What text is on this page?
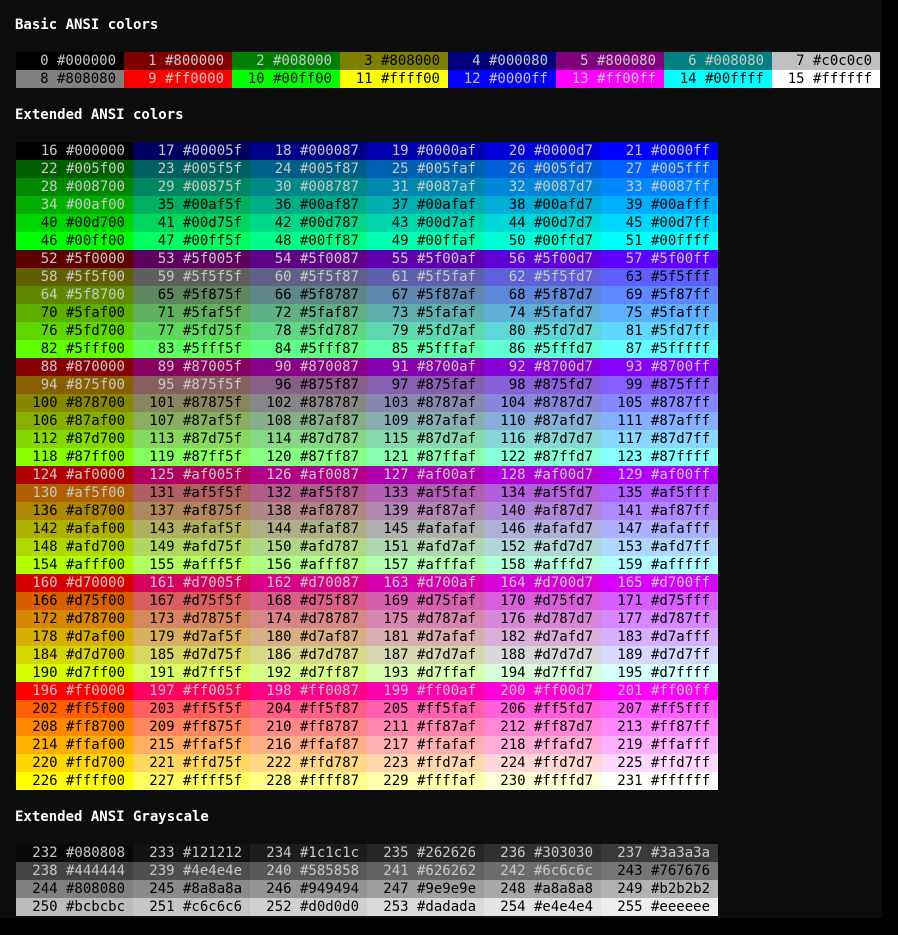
Basic ANSI colors
0 #000000	1 #800000	2 #008000	3 #808000	4 #000080	5 #800080	6 #008080	7 #c0c0c0
8 #808080	9 #ff0000	10 #00ff00	11 #ffff00	12 #0000ff	13 #ff00ff	14 #00ffff	15 #ffffff
Extended ANSI colors
16 #000000	17 #00005f	18 #000087	19 #0000af	20 #0000d7	21 #0000ff
22 #005f00	23 #005f5f	24 #005f87	25 #005faf	26 #005fd7	27 #005fff
28 #008700	29 #00875f	30 #008787	31 #0087af	32 #0087d7	33 #0087ff
34 #00af00	35 #00af5f	36 #00af87	37 #00afaf	38 #00afd7	39 #00afff
40 #00d700	41 #00d75f	42 #00d787	43 #00d7af	44 #00d7d7	45 #00d7ff
46 #00ff00	47 #00ff5f	48 #00ff87	49 #00ffaf	50 #00ffd7	51 #00ffff
52 #5f0000	53 #5f005f	54 #5f0087	55 #5f00af	56 #5f00d7	57 #5f00ff
58 #5f5f00	59 #5f5f5f	60 #5f5f87	61 #5f5faf	62 #5f5fd7	63 #5f5fff
64 #5f8700	65 #5f875f	66 #5f8787	67 #5f87af	68 #5f87d7	69 #5f87ff
70 #5faf00	71 #5faf5f	72 #5faf87	73 #5fafaf	74 #5fafd7	75 #5fafff
76 #5fd700	77 #5fd75f	78 #5fd787	79 #5fd7af	80 #5fd7d7	81 #5fd7ff
82 #5fff00	83 #5fff5f	84 #5fff87	85 #5fffaf	86 #5fffd7	87 #5fffff
88 #870000	89 #87005f	90 #870087	91 #8700af	92 #8700d7	93 #8700ff
94 #875f00	95 #875f5f	96 #875f87	97 #875faf	98 #875fd7	99 #875fff
100 #878700	101 #87875f	102 #878787	103 #8787af	104 #8787d7	105 #8787ff
106 #87af00	107 #87af5f	108 #87af87	109 #87afaf	110 #87afd7	111 #87afff
112 #87d700	113 #87d75f	114 #87d787	115 #87d7af	116 #87d7d7	117 #87d7ff
118 #87ff00	119 #87ff5f	120 #87ff87	121 #87ffaf	122 #87ffd7	123 #87ffff
124 #af0000	125 #af005f	126 #af0087	127 #af00af	128 #af00d7	129 #af00ff
130 #af5f00	131 #af5f5f	132 #af5f87	133 #af5faf	134 #af5fd7	135 #af5fff
136 #af8700	137 #af875f	138 #af8787	139 #af87af	140 #af87d7	141 #af87ff
142 #afaf00	143 #afaf5f	144 #afaf87	145 #afafaf	146 #afafd7	147 #afafff
148 #afd700	149 #afd75f	150 #afd787	151 #afd7af	152 #afd7d7	153 #afd7ff
154 #afff00	155 #afff5f	156 #afff87	157 #afffaf	158 #afffd7	159 #afffff
160 #d70000	161 #d7005f	162 #d70087	163 #d700af	164 #d700d7	165 #d700ff
166 #d75f00	167 #d75f5f	168 #d75f87	169 #d75faf	170 #d75fd7	171 #d75fff
172 #d78700	173 #d7875f	174 #d78787	175 #d787af	176 #d787d7	177 #d787ff
178 #d7af00	179 #d7af5f	180 #d7af87	181 #d7afaf	182 #d7afd7	183 #d7afff
184 #d7d700	185 #d7d75f	186 #d7d787	187 #d7d7af	188 #d7d7d7	189 #d7d7ff
190 #d7ff00	191 #d7ff5f	192 #d7ff87	193 #d7ffaf	194 #d7ffd7	195 #d7ffff
196 #ff0000	197 #ff005f	198 #ff0087	199 #ff00af	200 #ff00d7	201 #ff00ff
202 #ff5f00	203 #ff5f5f	204 #ff5f87	205 #ff5faf	206 #ff5fd7	207 #ff5fff
208 #ff8700	209 #ff875f	210 #ff8787	211 #ff87af	212 #ff87d7	213 #ff87ff
214 #ffaf00	215 #ffaf5f	216 #ffaf87	217 #ffafaf	218 #ffafd7	219 #ffafff
220 #ffd700	221 #ffd75f	222 #ffd787	223 #ffd7af	224 #ffd7d7	225 #ffd7ff
226 #ffff00	227 #ffff5f	228 #ffff87	229 #ffffaf	230 #ffffd7	231 #ffffff
Extended ANSI Grayscale
232 #080808	233 #121212	234 #1c1c1c	235 #262626	236 #303030	237 #3a3a3a
238 #444444	239 #4e4e4e	240 #585858	241 #626262	242 #6c6c6c	243 #767676
244 #808080	245 #8a8a8a	246 #949494	247 #9e9e9e	248 #a8a8a8	249 #b2b2b2
250 #bcbcbc	251 #c6c6c6	252 #d0d0d0	253 #dadada	254 #e4e4e4	255 #eeeeee
